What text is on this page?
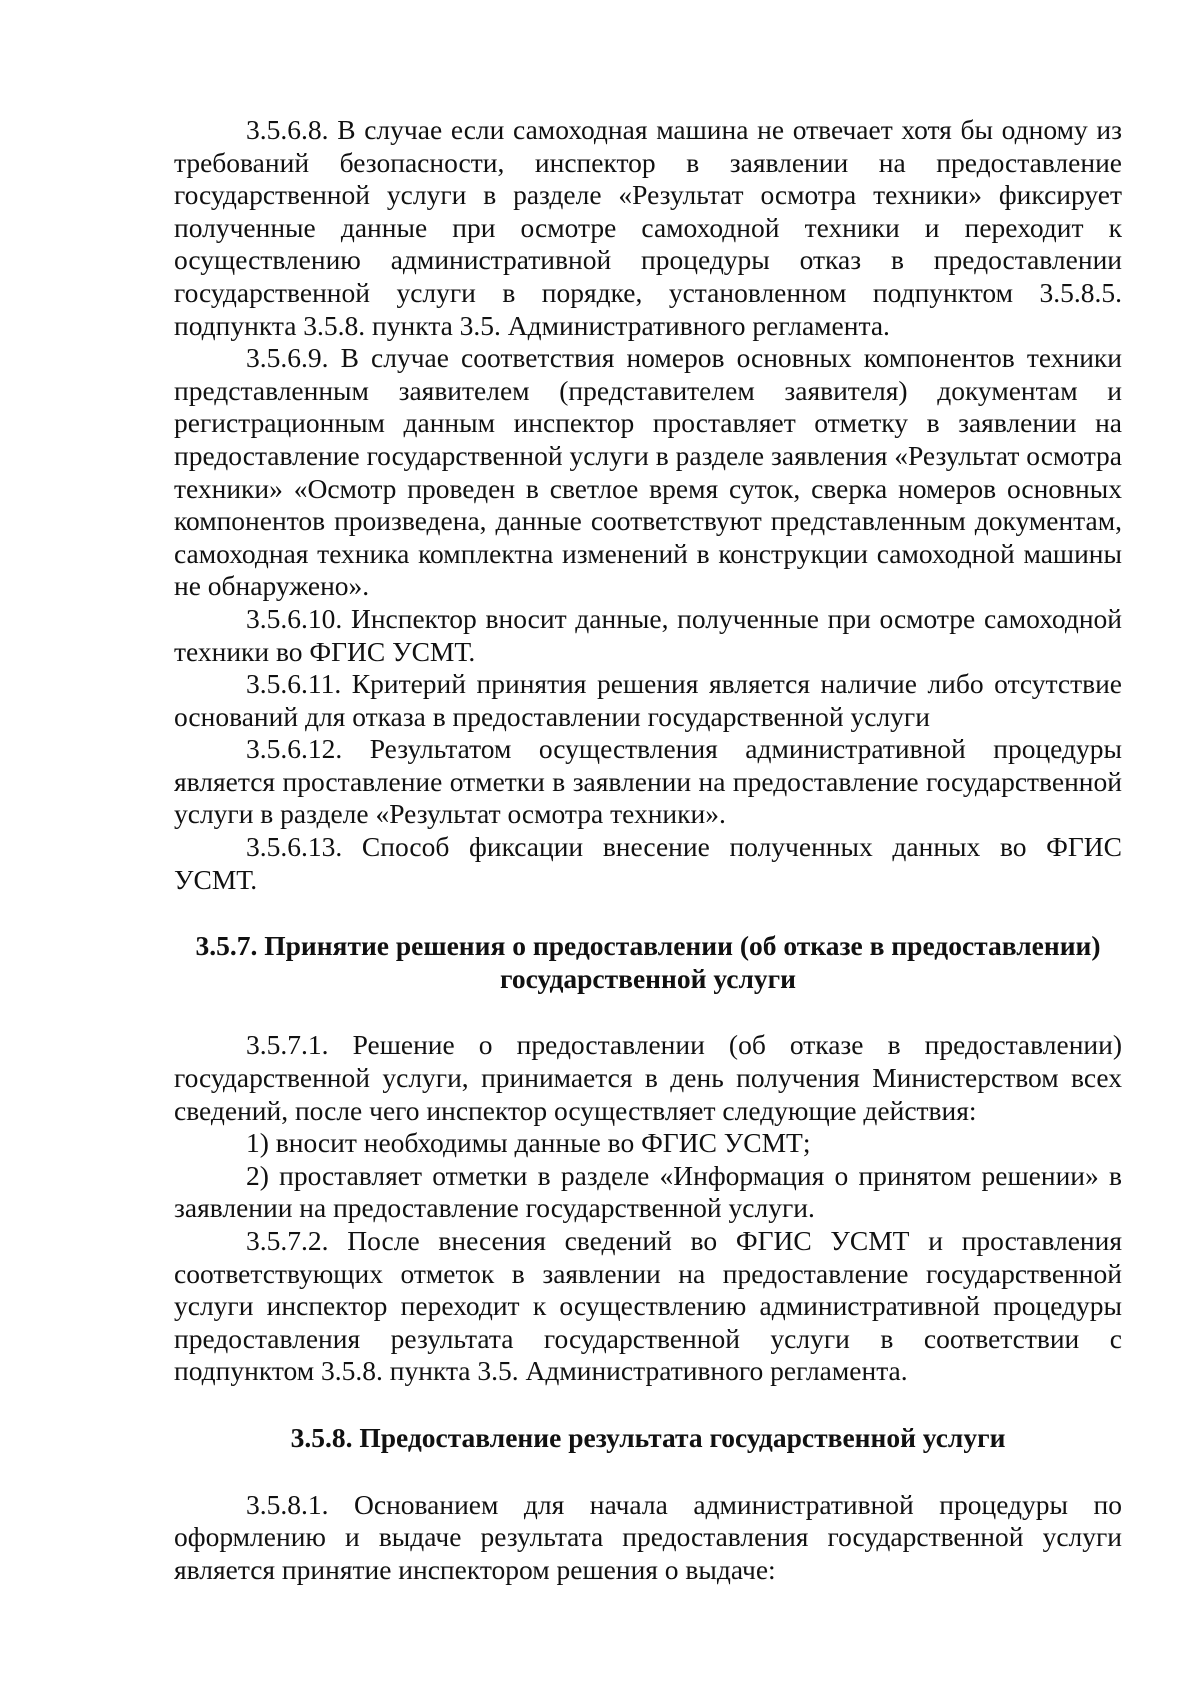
3.5.6.8. В случае если самоходная машина не отвечает хотя бы одному из требований безопасности, инспектор в заявлении на предоставление государственной услуги в разделе «Результат осмотра техники» фиксирует полученные данные при осмотре самоходной техники и переходит к осуществлению административной процедуры отказ в предоставлении государственной услуги в порядке, установленном подпунктом 3.5.8.5. подпункта 3.5.8. пункта 3.5. Административного регламента.

3.5.6.9. В случае соответствия номеров основных компонентов техники представленным заявителем (представителем заявителя) документам и регистрационным данным инспектор проставляет отметку в заявлении на предоставление государственной услуги в разделе заявления «Результат осмотра техники» «Осмотр проведен в светлое время суток, сверка номеров основных компонентов произведена, данные соответствуют представленным документам, самоходная техника комплектна изменений в конструкции самоходной машины не обнаружено».

3.5.6.10. Инспектор вносит данные, полученные при осмотре самоходной техники во ФГИС УСМТ.

3.5.6.11. Критерий принятия решения является наличие либо отсутствие оснований для отказа в предоставлении государственной услуги

3.5.6.12. Результатом осуществления административной процедуры является проставление отметки в заявлении на предоставление государственной услуги в разделе «Результат осмотра техники».

3.5.6.13. Способ фиксации внесение полученных данных во ФГИС УСМТ.

3.5.7. Принятие решения о предоставлении (об отказе в предоставлении)
государственной услуги

3.5.7.1. Решение о предоставлении (об отказе в предоставлении) государственной услуги, принимается в день получения Министерством всех сведений, после чего инспектор осуществляет следующие действия:

1) вносит необходимы данные во ФГИС УСМТ;

2) проставляет отметки в разделе «Информация о принятом решении» в заявлении на предоставление государственной услуги.

3.5.7.2. После внесения сведений во ФГИС УСМТ и проставления соответствующих отметок в заявлении на предоставление государственной услуги инспектор переходит к осуществлению административной процедуры предоставления результата государственной услуги в соответствии с подпунктом 3.5.8. пункта 3.5. Административного регламента.

3.5.8. Предоставление результата государственной услуги

3.5.8.1. Основанием для начала административной процедуры по оформлению и выдаче результата предоставления государственной услуги является принятие инспектором решения о выдаче:
